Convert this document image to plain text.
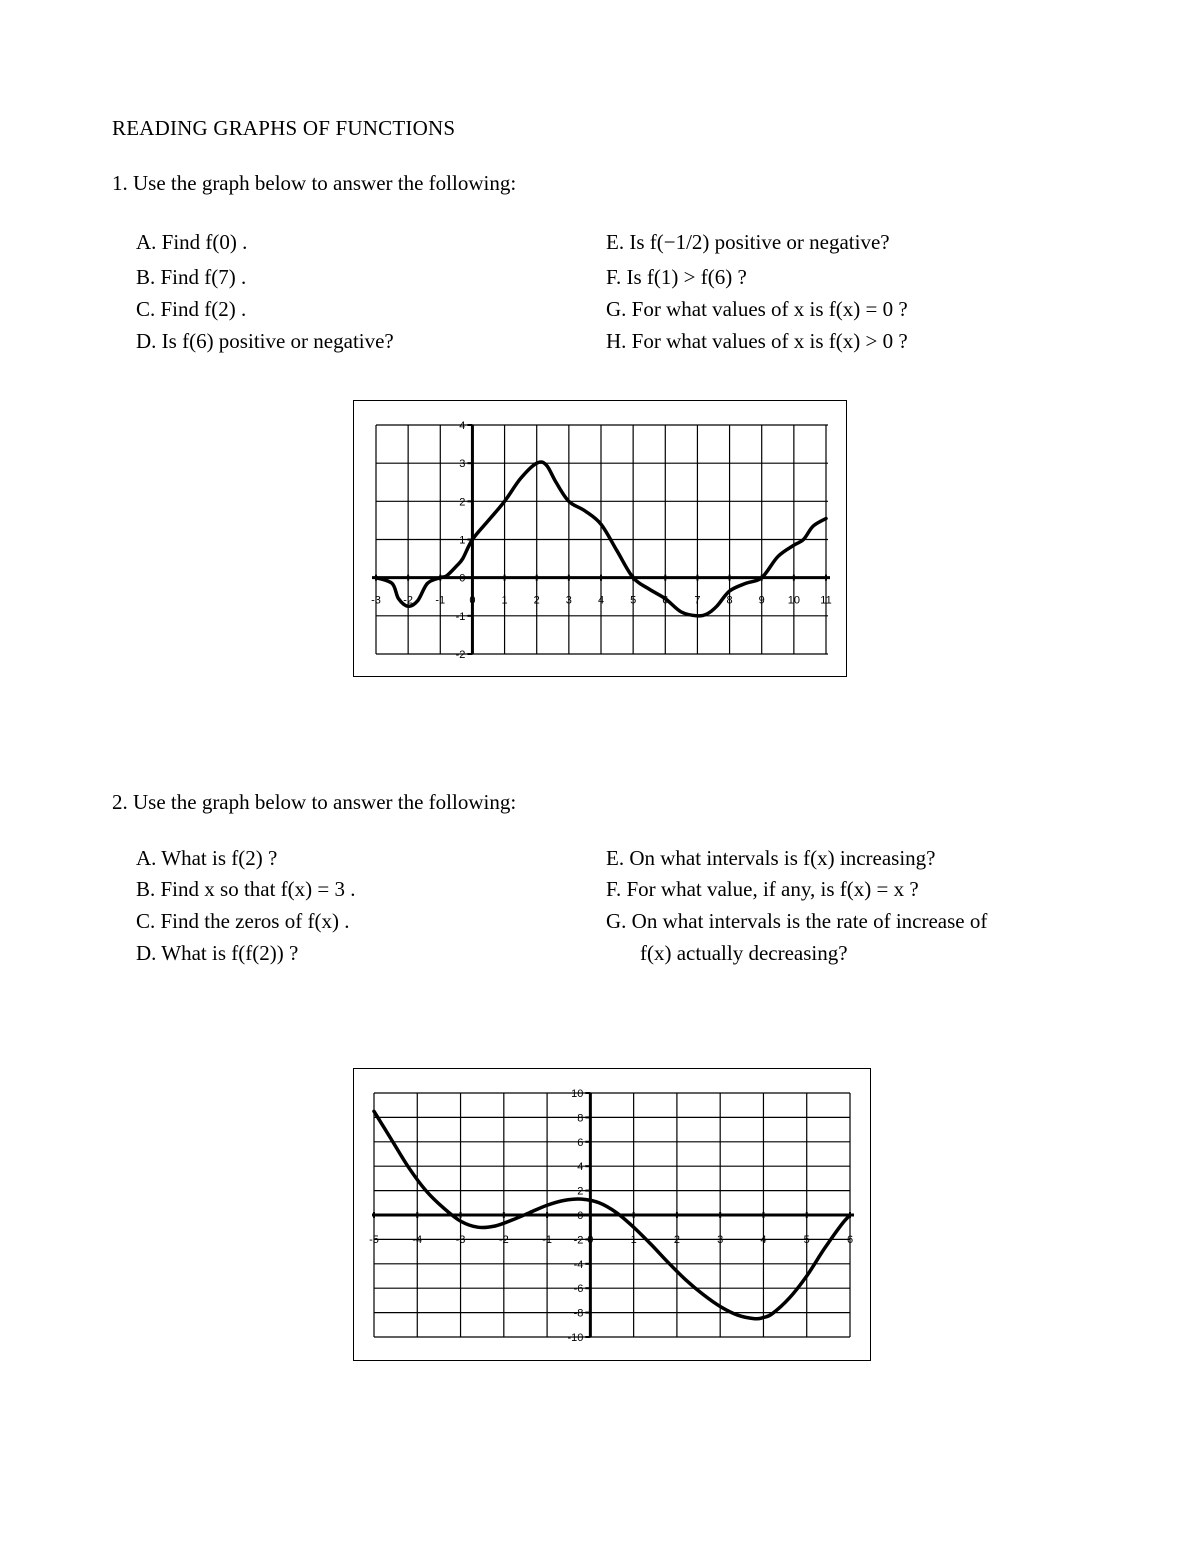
READING GRAPHS OF FUNCTIONS
1. Use the graph below to answer the following:
A. Find f(0) .
B. Find f(7) .
C. Find f(2) .
D. Is f(6) positive or negative?
E. Is f(−1/2) positive or negative?
F. Is f(1) > f(6) ?
G. For what values of x is f(x) = 0 ?
H. For what values of x is f(x) > 0 ?
-3 -2 -1 0 1 2 3 4 5 6 7 8 9 10 11
-2
-1
0
1
2
3
4
2. Use the graph below to answer the following:
A. What is f(2) ?
B. Find x so that f(x) = 3 .
C. Find the zeros of f(x) .
D. What is f(f(2)) ?
E. On what intervals is f(x) increasing?
F. For what value, if any, is f(x) = x ?
G. On what intervals is the rate of increase of
f(x) actually decreasing?
-5	-4	-3	-2	-1	0	1	2	3	4	5	6
-10
-8
-6
-4
-2
0
2
4
6
8
10
